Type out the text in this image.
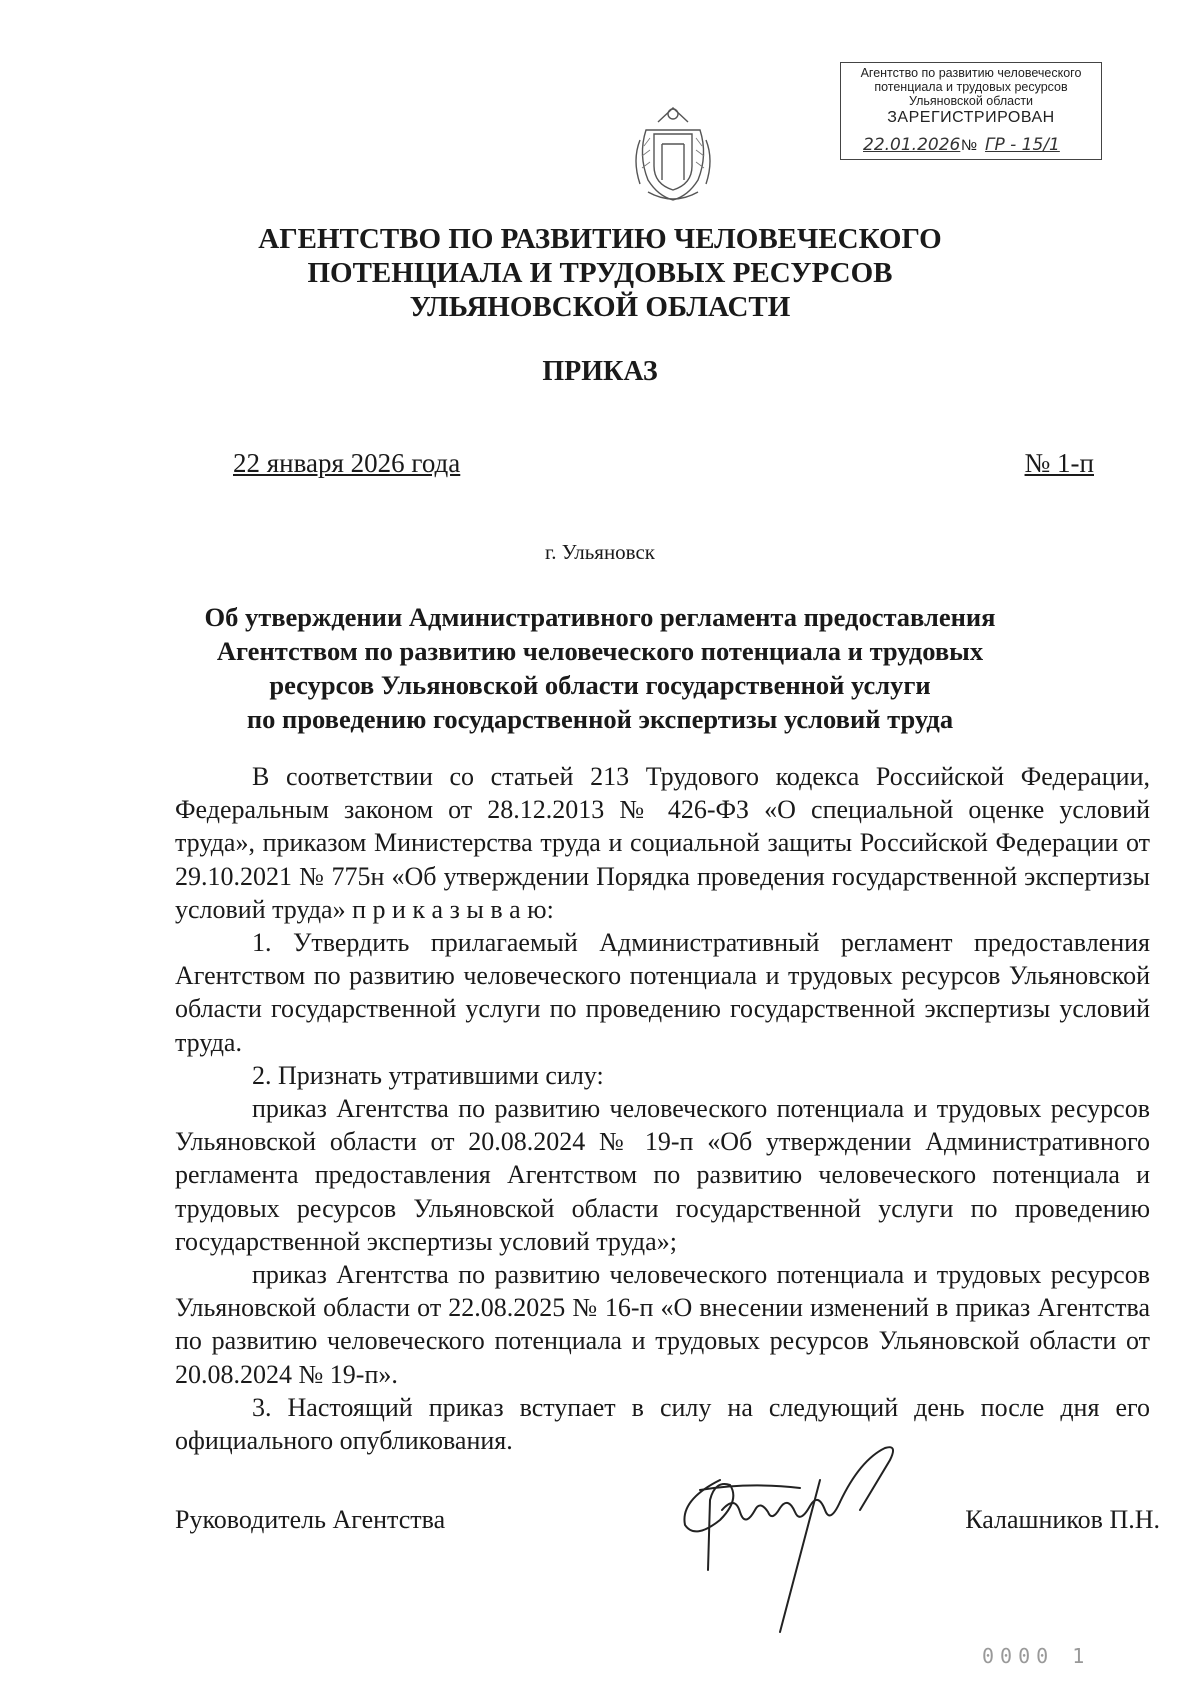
Агентство по развитию человеческого
потенциала и трудовых ресурсов
Ульяновской области
ЗАРЕГИСТРИРОВАН
22.01.2026 № ГР - 15/1
АГЕНТСТВО ПО РАЗВИТИЮ ЧЕЛОВЕЧЕСКОГО
ПОТЕНЦИАЛА И ТРУДОВЫХ РЕСУРСОВ
УЛЬЯНОВСКОЙ ОБЛАСТИ
ПРИКАЗ
22 января 2026 года	№ 1-п
г. Ульяновск
Об утверждении Административного регламента предоставления
Агентством по развитию человеческого потенциала и трудовых
ресурсов Ульяновской области государственной услуги
по проведению государственной экспертизы условий труда

В соответствии со статьей 213 Трудового кодекса Российской Федерации, Федеральным законом от 28.12.2013 № 426-ФЗ «О специальной оценке условий труда», приказом Министерства труда и социальной защиты Российской Федерации от 29.10.2021 № 775н «Об утверждении Порядка проведения государственной экспертизы условий труда» п р и к а з ы в а ю:

1. Утвердить прилагаемый Административный регламент предоставления Агентством по развитию человеческого потенциала и трудовых ресурсов Ульяновской области государственной услуги по проведению государственной экспертизы условий труда.

2. Признать утратившими силу:

приказ Агентства по развитию человеческого потенциала и трудовых ресурсов Ульяновской области от 20.08.2024 № 19-п «Об утверждении Административного регламента предоставления Агентством по развитию человеческого потенциала и трудовых ресурсов Ульяновской области государственной услуги по проведению государственной экспертизы условий труда»;

приказ Агентства по развитию человеческого потенциала и трудовых ресурсов Ульяновской области от 22.08.2025 № 16-п «О внесении изменений в приказ Агентства по развитию человеческого потенциала и трудовых ресурсов Ульяновской области от 20.08.2024 № 19-п».

3. Настоящий приказ вступает в силу на следующий день после дня его официального опубликования.

Руководитель Агентства	Калашников П.Н.
0000 1
